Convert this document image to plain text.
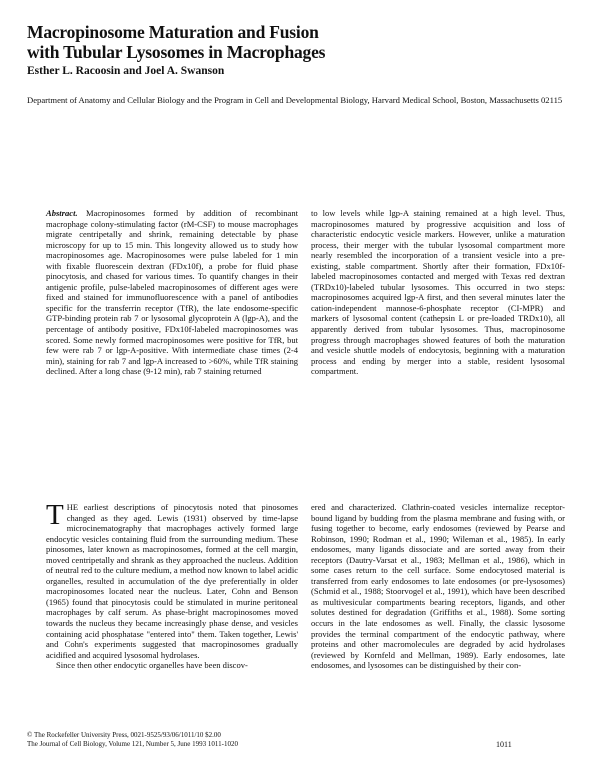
Macropinosome Maturation and Fusion
with Tubular Lysosomes in Macrophages
Esther L. Racoosin and Joel A. Swanson
Department of Anatomy and Cellular Biology and the Program in Cell and Developmental Biology, Harvard Medical School, Boston, Massachusetts 02115
Abstract. Macropinosomes formed by addition of recombinant macrophage colony-stimulating factor (rM-CSF) to mouse macrophages migrate centripetally and shrink, remaining detectable by phase microscopy for up to 15 min. This longevity allowed us to study how macropinosomes age. Macropinosomes were pulse labeled for 1 min with fixable fluorescein dextran (FDx10f), a probe for fluid phase pinocytosis, and chased for various times. To quantify changes in their antigenic profile, pulse-labeled macropinosomes of different ages were fixed and stained for immunofluorescence with a panel of antibodies specific for the transferrin receptor (TfR), the late endosome-specific GTP-binding protein rab 7 or lysosomal glycoprotein A (lgp-A), and the percentage of antibody positive, FDx10f-labeled macropinosomes was scored. Some newly formed macropinosomes were positive for TfR, but few were rab 7 or lgp-A-positive. With intermediate chase times (2-4 min), staining for rab 7 and lgp-A increased to >60%, while TfR staining declined. After a long chase (9-12 min), rab 7 staining returned
to low levels while lgp-A staining remained at a high level. Thus, macropinosomes matured by progressive acquisition and loss of characteristic endocytic vesicle markers. However, unlike a maturation process, their merger with the tubular lysosomal compartment more nearly resembled the incorporation of a transient vesicle into a pre-existing, stable compartment. Shortly after their formation, FDx10f-labeled macropinosomes contacted and merged with Texas red dextran (TRDx10)-labeled tubular lysosomes. This occurred in two steps: macropinosomes acquired lgp-A first, and then several minutes later the cation-independent mannose-6-phosphate receptor (CI-MPR) and markers of lysosomal content (cathepsin L or pre-loaded TRDx10), all apparently derived from tubular lysosomes. Thus, macropinosome progress through macrophages showed features of both the maturation and vesicle shuttle models of endocytosis, beginning with a maturation process and ending by merger into a stable, resident lysosomal compartment.

THE earliest descriptions of pinocytosis noted that pinosomes changed as they aged. Lewis (1931) observed by time-lapse microcinematography that macrophages actively formed large endocytic vesicles containing fluid from the surrounding medium. These pinosomes, later known as macropinosomes, formed at the cell margin, moved centripetally and shrank as they approached the nucleus. Addition of neutral red to the culture medium, a method now known to label acidic organelles, resulted in accumulation of the dye preferentially in older macropinosomes located near the nucleus. Later, Cohn and Benson (1965) found that pinocytosis could be stimulated in murine peritoneal macrophages by calf serum. As phase-bright macropinosomes moved towards the nucleus they became increasingly phase dense, and vesicles containing acid phosphatase "entered into" them. Taken together, Lewis' and Cohn's experiments suggested that macropinosomes gradually acidified and acquired lysosomal hydrolases.

Since then other endocytic organelles have been discov-

ered and characterized. Clathrin-coated vesicles internalize receptor-bound ligand by budding from the plasma membrane and fusing with, or fusing together to become, early endosomes (reviewed by Pearse and Robinson, 1990; Rodman et al., 1990; Wileman et al., 1985). In early endosomes, many ligands dissociate and are sorted away from their receptors (Dautry-Varsat et al., 1983; Mellman et al., 1986), which in some cases return to the cell surface. Some endocytosed material is transferred from early endosomes to late endosomes (or pre-lysosomes) (Schmid et al., 1988; Stoorvogel et al., 1991), which have been described as multivesicular compartments bearing receptors, ligands, and other solutes destined for degradation (Griffiths et al., 1988). Some sorting occurs in the late endosomes as well. Finally, the classic lysosome provides the terminal compartment of the endocytic pathway, where proteins and other macromolecules are degraded by acid hydrolases (reviewed by Kornfeld and Mellman, 1989). Early endosomes, late endosomes, and lysosomes can be distinguished by their con-

© The Rockefeller University Press, 0021-9525/93/06/1011/10 $2.00
The Journal of Cell Biology, Volume 121, Number 5, June 1993 1011-1020	1011
